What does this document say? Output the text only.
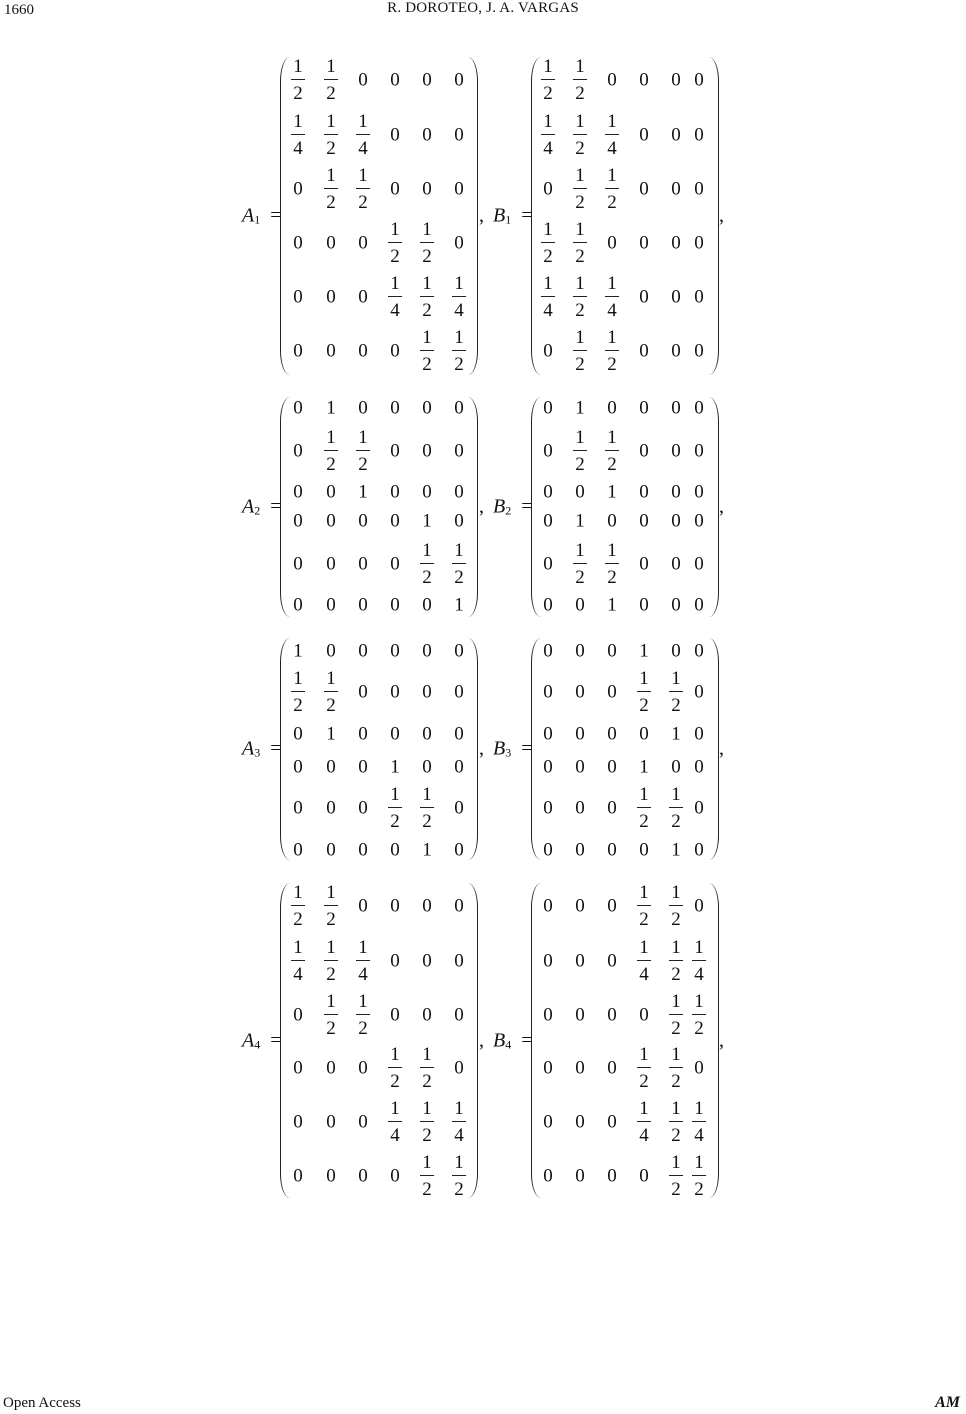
1660	R. DOROTEO, J. A. VARGAS
$A_1$ =
$\frac{1}{2} \frac{1}{2}$	0	0	0	0
$\frac{1}{4} \frac{1}{2} \frac{1}{4}$	0	0	0
0	$\frac{1}{2} \frac{1}{2}$	0	0	0
0	0	0	$\frac{1}{2} \frac{1}{2}$	0
0	0	0	$\frac{1}{4} \frac{1}{2} \frac{1}{4}$
0	0	0	0	$\frac{1}{2} \frac{1}{2}$
, $B_1$ =
$\frac{1}{2} \frac{1}{2}$	0	0	0 0
$\frac{1}{4} \frac{1}{2} \frac{1}{4}$	0	0 0
0	$\frac{1}{2} \frac{1}{2}$	0	0 0
$\frac{1}{2} \frac{1}{2}$	0	0	0 0
$\frac{1}{4} \frac{1}{2} \frac{1}{4}$	0	0 0
0	$\frac{1}{2} \frac{1}{2}$	0	0 0
,
$A_2$ =
0	1	0	0	0	0
0	$\frac{1}{2} \frac{1}{2}$	0	0	0
0	0	1	0	0	0
0	0	0	0	1	0
0	0	0	0	$\frac{1}{2} \frac{1}{2}$
0	0	0	0	0	1
, $B_2$ =
0	1	0	0	0 0
0	$\frac{1}{2} \frac{1}{2}$	0	0 0
0	0	1	0	0 0
0	1	0	0	0 0
0	$\frac{1}{2} \frac{1}{2}$	0	0 0
0	0	1	0	0 0
,
$A_3$ =
1	0	0	0	0	0
$\frac{1}{2} \frac{1}{2}$	0	0	0	0
0	1	0	0	0	0
0	0	0	1	0	0
0	0	0	$\frac{1}{2} \frac{1}{2}$	0
0	0	0	0	1	0
, $B_3$ =
0	0	0	1	0 0
0	0	0	$\frac{1}{2} \frac{1}{2} 0$
0	0	0	0	1 0
0	0	0	1	0 0
0	0	0	$\frac{1}{2} \frac{1}{2} 0$
0	0	0	0	1 0
,
$A_4$ =
$\frac{1}{2} \frac{1}{2}$	0	0	0	0
$\frac{1}{4} \frac{1}{2} \frac{1}{4}$	0	0	0
0	$\frac{1}{2} \frac{1}{2}$	0	0	0
0	0	0	$\frac{1}{2} \frac{1}{2}$	0
0	0	0	$\frac{1}{4} \frac{1}{2} \frac{1}{4}$
0	0	0	0	$\frac{1}{2} \frac{1}{2}$
, $B_4$ =
0	0	0	$\frac{1}{2} \frac{1}{2} 0$
0	0	0	$\frac{1}{4} \frac{1}{2} \frac{1}{4}$
0	0	0	0	$\frac{1}{2} \frac{1}{2}$
0	0	0	$\frac{1}{2} \frac{1}{2} 0$
0	0	0	$\frac{1}{4} \frac{1}{2} \frac{1}{4}$
0	0	0	0	$\frac{1}{2} \frac{1}{2}$
,
Open Access	AM
